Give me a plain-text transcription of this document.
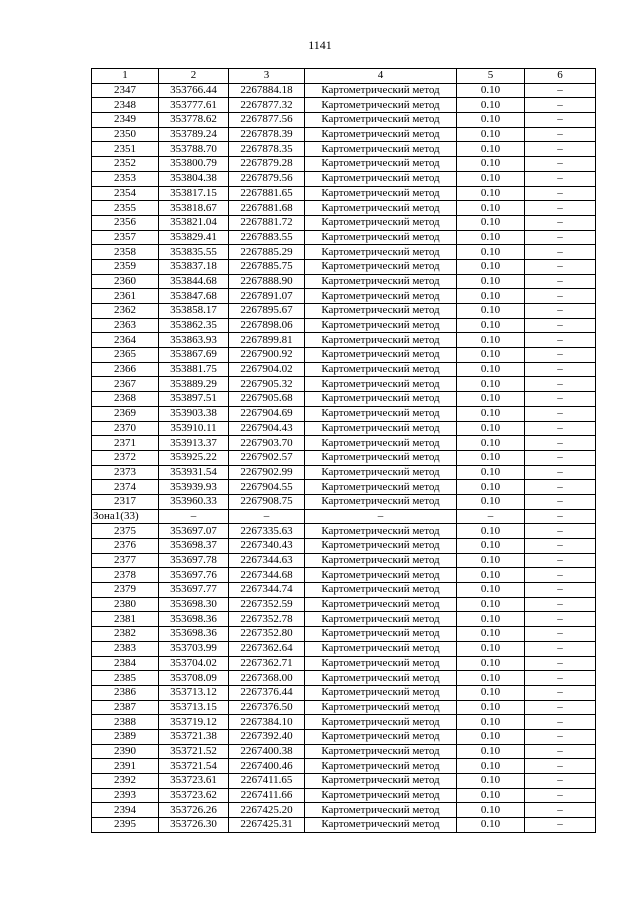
1141
1	2	3	4	5	6
2347	353766.44	2267884.18	Картометрический метод	0.10	–
2348	353777.61	2267877.32	Картометрический метод	0.10	–
2349	353778.62	2267877.56	Картометрический метод	0.10	–
2350	353789.24	2267878.39	Картометрический метод	0.10	–
2351	353788.70	2267878.35	Картометрический метод	0.10	–
2352	353800.79	2267879.28	Картометрический метод	0.10	–
2353	353804.38	2267879.56	Картометрический метод	0.10	–
2354	353817.15	2267881.65	Картометрический метод	0.10	–
2355	353818.67	2267881.68	Картометрический метод	0.10	–
2356	353821.04	2267881.72	Картометрический метод	0.10	–
2357	353829.41	2267883.55	Картометрический метод	0.10	–
2358	353835.55	2267885.29	Картометрический метод	0.10	–
2359	353837.18	2267885.75	Картометрический метод	0.10	–
2360	353844.68	2267888.90	Картометрический метод	0.10	–
2361	353847.68	2267891.07	Картометрический метод	0.10	–
2362	353858.17	2267895.67	Картометрический метод	0.10	–
2363	353862.35	2267898.06	Картометрический метод	0.10	–
2364	353863.93	2267899.81	Картометрический метод	0.10	–
2365	353867.69	2267900.92	Картометрический метод	0.10	–
2366	353881.75	2267904.02	Картометрический метод	0.10	–
2367	353889.29	2267905.32	Картометрический метод	0.10	–
2368	353897.51	2267905.68	Картометрический метод	0.10	–
2369	353903.38	2267904.69	Картометрический метод	0.10	–
2370	353910.11	2267904.43	Картометрический метод	0.10	–
2371	353913.37	2267903.70	Картометрический метод	0.10	–
2372	353925.22	2267902.57	Картометрический метод	0.10	–
2373	353931.54	2267902.99	Картометрический метод	0.10	–
2374	353939.93	2267904.55	Картометрический метод	0.10	–
2317	353960.33	2267908.75	Картометрический метод	0.10	–
Зона1(33)	–	–	–	–	–
2375	353697.07	2267335.63	Картометрический метод	0.10	–
2376	353698.37	2267340.43	Картометрический метод	0.10	–
2377	353697.78	2267344.63	Картометрический метод	0.10	–
2378	353697.76	2267344.68	Картометрический метод	0.10	–
2379	353697.77	2267344.74	Картометрический метод	0.10	–
2380	353698.30	2267352.59	Картометрический метод	0.10	–
2381	353698.36	2267352.78	Картометрический метод	0.10	–
2382	353698.36	2267352.80	Картометрический метод	0.10	–
2383	353703.99	2267362.64	Картометрический метод	0.10	–
2384	353704.02	2267362.71	Картометрический метод	0.10	–
2385	353708.09	2267368.00	Картометрический метод	0.10	–
2386	353713.12	2267376.44	Картометрический метод	0.10	–
2387	353713.15	2267376.50	Картометрический метод	0.10	–
2388	353719.12	2267384.10	Картометрический метод	0.10	–
2389	353721.38	2267392.40	Картометрический метод	0.10	–
2390	353721.52	2267400.38	Картометрический метод	0.10	–
2391	353721.54	2267400.46	Картометрический метод	0.10	–
2392	353723.61	2267411.65	Картометрический метод	0.10	–
2393	353723.62	2267411.66	Картометрический метод	0.10	–
2394	353726.26	2267425.20	Картометрический метод	0.10	–
2395	353726.30	2267425.31	Картометрический метод	0.10	–
